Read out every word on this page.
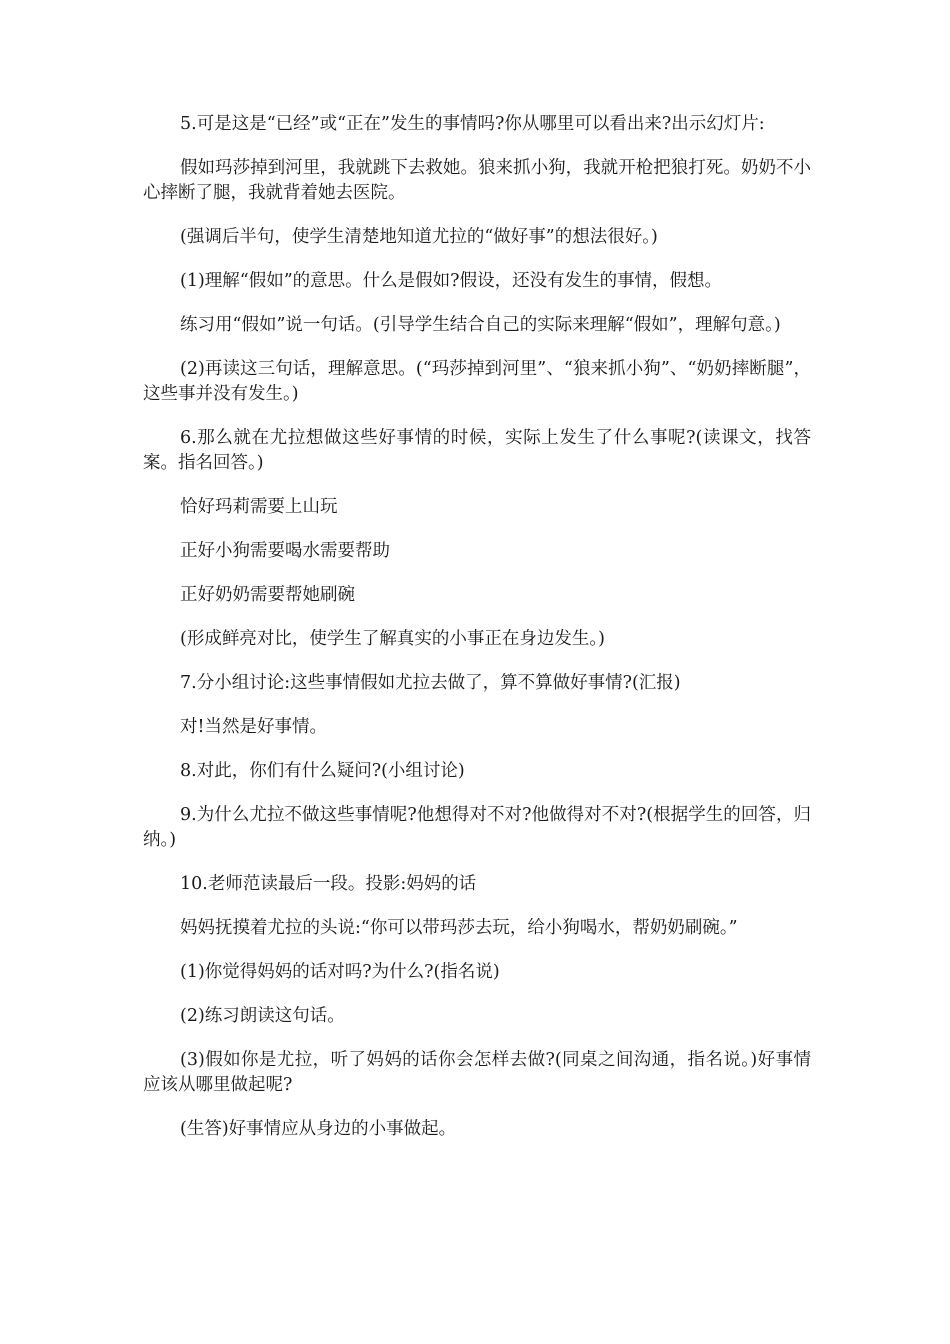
5.可是这是“已经”或“正在”发生的事情吗?你从哪里可以看出来?出示幻灯片:

假如玛莎掉到河里，我就跳下去救她。狼来抓小狗，我就开枪把狼打死。奶奶不小心摔断了腿，我就背着她去医院。

(强调后半句，使学生清楚地知道尤拉的“做好事”的想法很好。)

(1)理解“假如”的意思。什么是假如?假设，还没有发生的事情，假想。

练习用“假如”说一句话。(引导学生结合自己的实际来理解“假如”，理解句意。)

(2)再读这三句话，理解意思。(“玛莎掉到河里”、“狼来抓小狗”、“奶奶摔断腿”，这些事并没有发生。)

6.那么就在尤拉想做这些好事情的时候，实际上发生了什么事呢?(读课文，找答案。指名回答。)

恰好玛莉需要上山玩

正好小狗需要喝水需要帮助

正好奶奶需要帮她刷碗

(形成鲜亮对比，使学生了解真实的小事正在身边发生。)

7.分小组讨论:这些事情假如尤拉去做了，算不算做好事情?(汇报)

对!当然是好事情。

8.对此，你们有什么疑问?(小组讨论)

9.为什么尤拉不做这些事情呢?他想得对不对?他做得对不对?(根据学生的回答，归纳。)

10.老师范读最后一段。投影:妈妈的话

妈妈抚摸着尤拉的头说:“你可以带玛莎去玩，给小狗喝水，帮奶奶刷碗。”

(1)你觉得妈妈的话对吗?为什么?(指名说)

(2)练习朗读这句话。

(3)假如你是尤拉，听了妈妈的话你会怎样去做?(同桌之间沟通，指名说。)好事情应该从哪里做起呢?

(生答)好事情应从身边的小事做起。
